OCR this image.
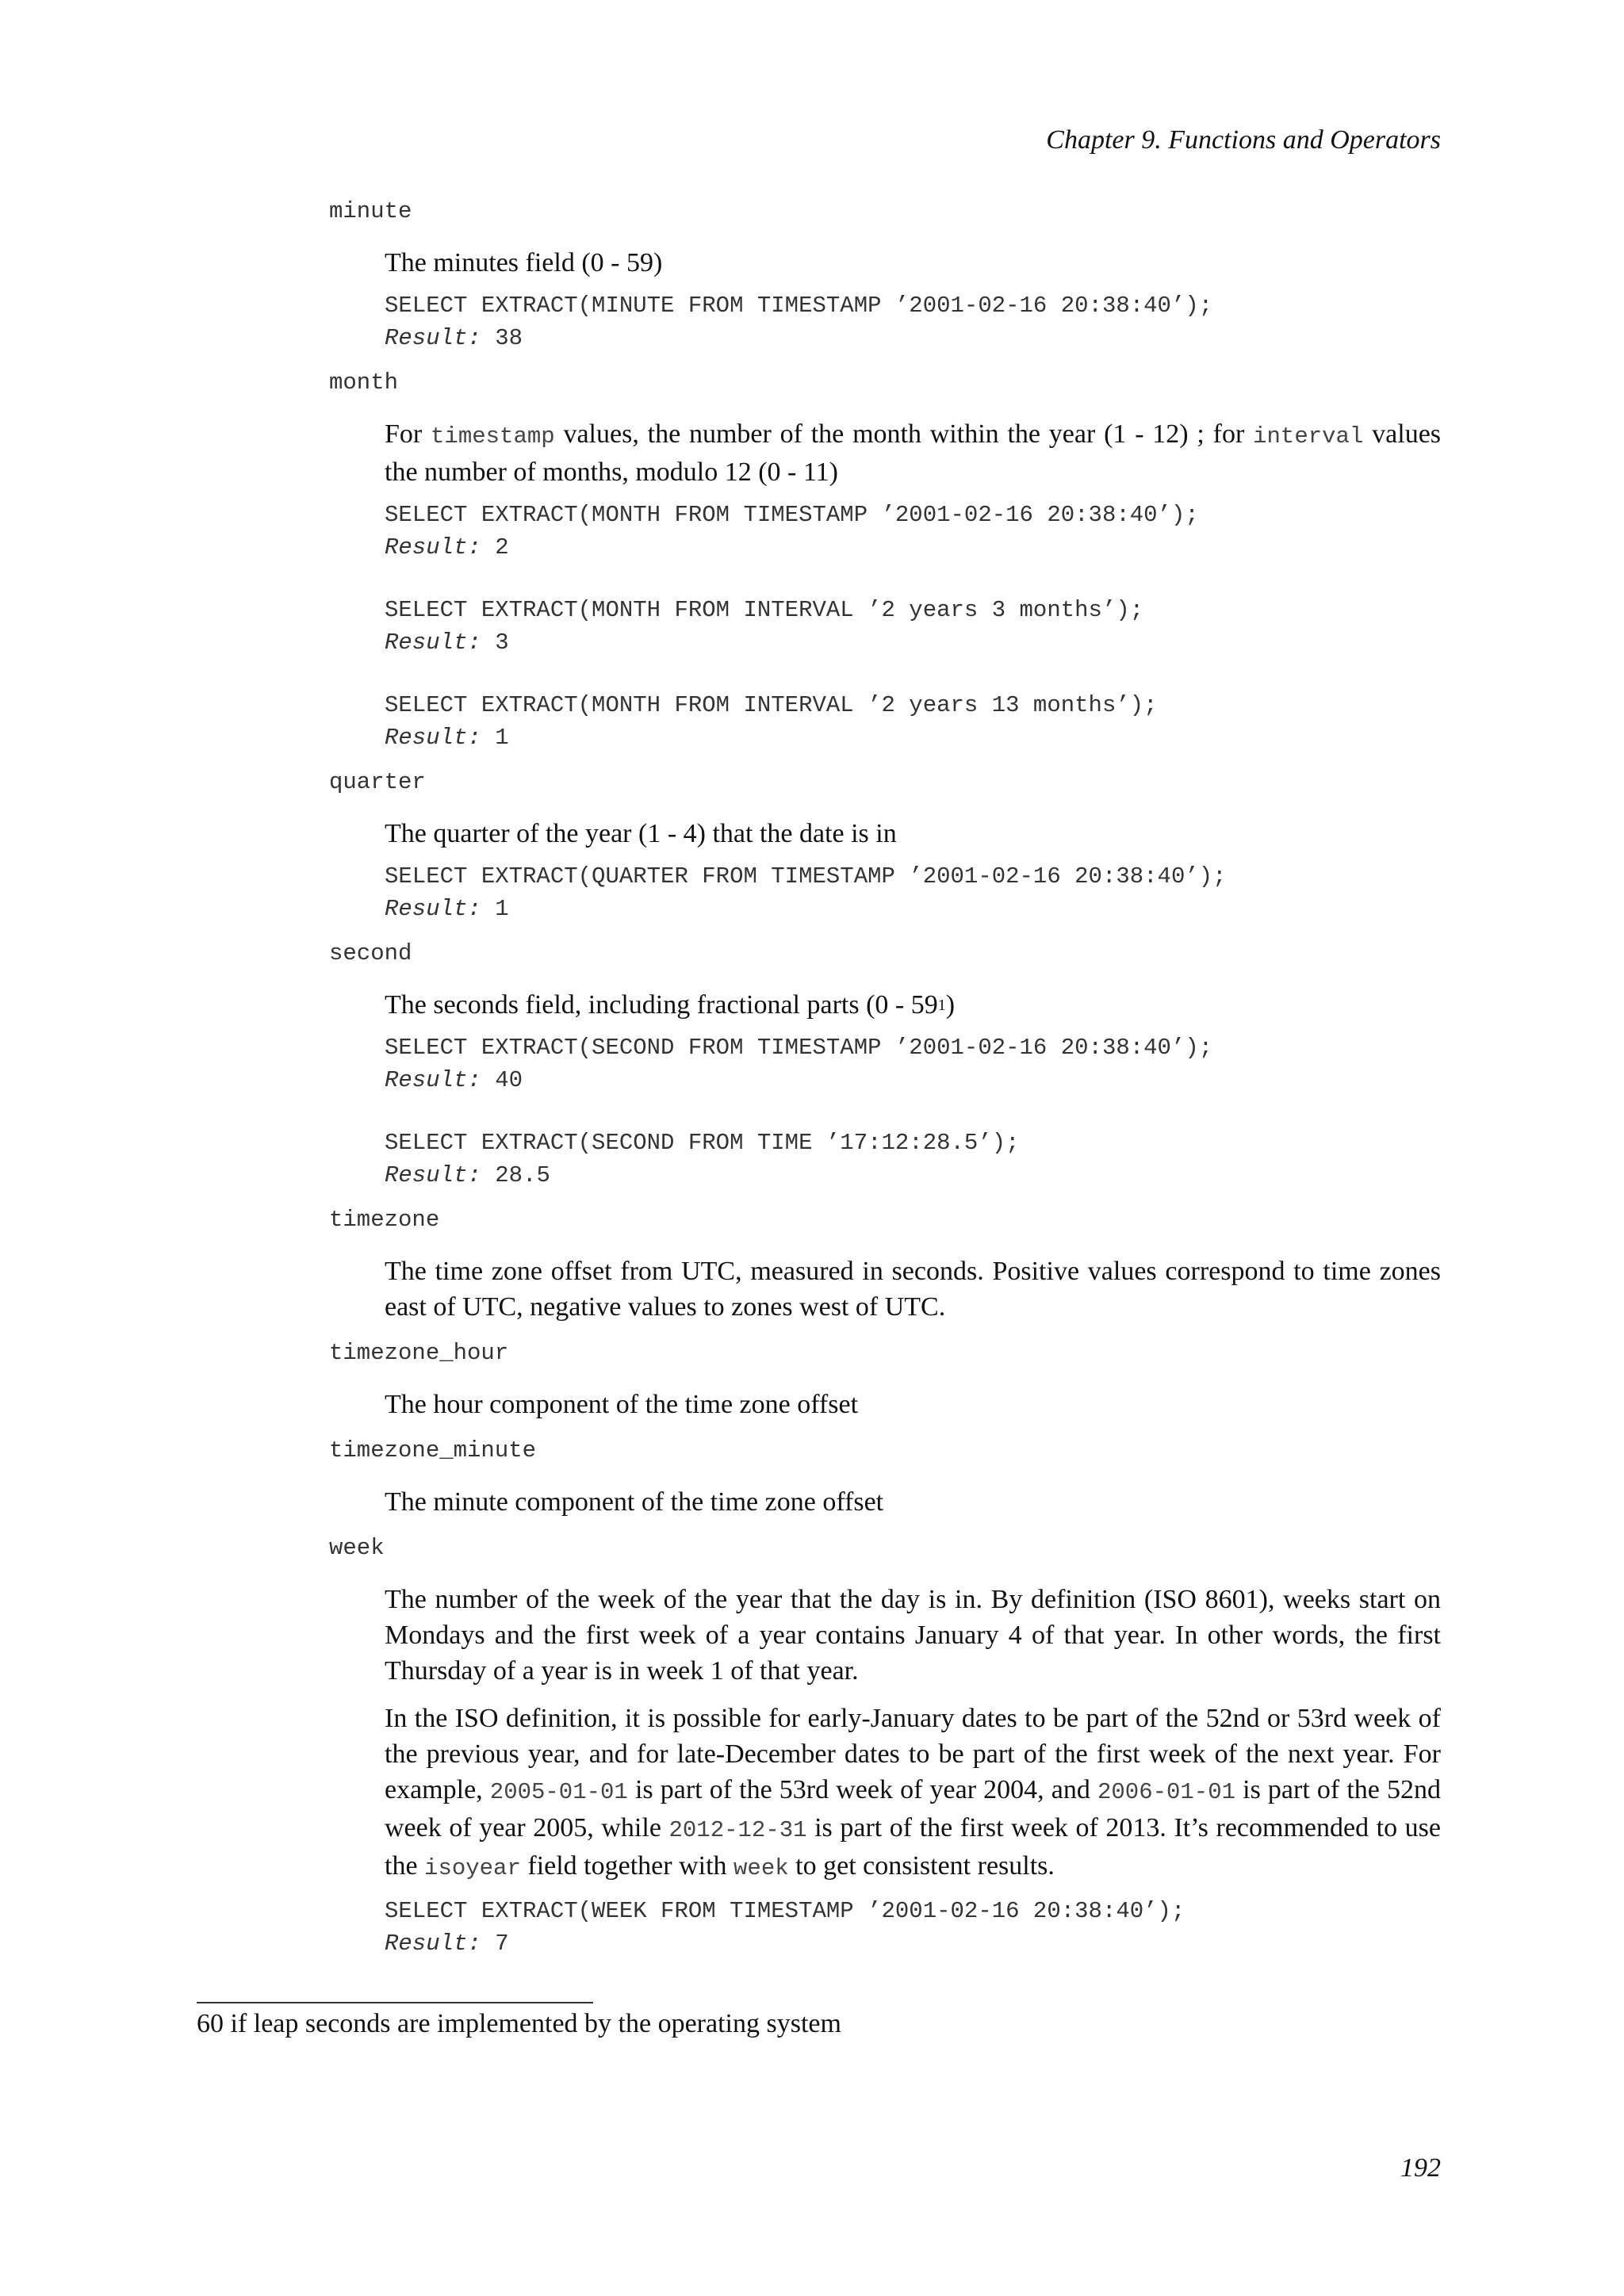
Chapter 9. Functions and Operators
minute

The minutes field (0 - 59)

SELECT EXTRACT(MINUTE FROM TIMESTAMP ’2001-02-16 20:38:40’);
Result: 38
month

For timestamp values, the number of the month within the year (1 - 12) ; for interval values the number of months, modulo 12 (0 - 11)

SELECT EXTRACT(MONTH FROM TIMESTAMP ’2001-02-16 20:38:40’);
Result: 2
SELECT EXTRACT(MONTH FROM INTERVAL ’2 years 3 months’);
Result: 3
SELECT EXTRACT(MONTH FROM INTERVAL ’2 years 13 months’);
Result: 1
quarter

The quarter of the year (1 - 4) that the date is in

SELECT EXTRACT(QUARTER FROM TIMESTAMP ’2001-02-16 20:38:40’);
Result: 1
second

The seconds field, including fractional parts $(0 - 59^1)$

SELECT EXTRACT(SECOND FROM TIMESTAMP ’2001-02-16 20:38:40’);
Result: 40
SELECT EXTRACT(SECOND FROM TIME ’17:12:28.5’);
Result: 28.5
timezone

The time zone offset from UTC, measured in seconds. Positive values correspond to time zones east of UTC, negative values to zones west of UTC.

timezone_hour

The hour component of the time zone offset

timezone_minute

The minute component of the time zone offset

week

The number of the week of the year that the day is in. By definition (ISO 8601), weeks start on Mondays and the first week of a year contains January 4 of that year. In other words, the first Thursday of a year is in week 1 of that year.

In the ISO definition, it is possible for early-January dates to be part of the 52nd or 53rd week of the previous year, and for late-December dates to be part of the first week of the next year. For example, 2005-01-01 is part of the 53rd week of year 2004, and 2006-01-01 is part of the 52nd week of year 2005, while 2012-12-31 is part of the first week of 2013. It’s recommended to use the isoyear field together with week to get consistent results.

SELECT EXTRACT(WEEK FROM TIMESTAMP ’2001-02-16 20:38:40’);
Result: 7
60 if leap seconds are implemented by the operating system
192
